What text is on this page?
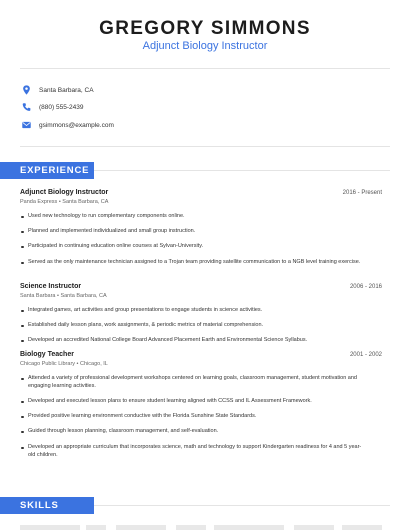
GREGORY SIMMONS
Adjunct Biology Instructor
Santa Barbara, CA
(880) 555-2439
gsimmons@example.com
EXPERIENCE
Adjunct Biology Instructor	2016 - Present
Panda Express • Santa Barbara, CA
Used new technology to run complementary components online.
Planned and implemented individualized and small group instruction.
Participated in continuing education online courses at Sylvan-University.
Served as the only maintenance technician assigned to a Trojan team providing satellite communication to a NGB level training exercise.
Science Instructor	2006 - 2016
Santa Barbara • Santa Barbara, CA
Integrated games, art activities and group presentations to engage students in science activities.
Established daily lesson plans, work assignments, & periodic metrics of material comprehension.
Developed an accredited National College Board Advanced Placement Earth and Environmental Science Syllabus.
Biology Teacher	2001 - 2002
Chicago Public Library • Chicago, IL
Attended a variety of professional development workshops centered on learning goals, classroom management, student motivation and engaging learning activities.
Developed and executed lesson plans to ensure student learning aligned with CCSS and IL Assessment Framework.
Provided positive learning environment conductive with the Florida Sunshine State Standards.
Guided through lesson planning, classroom management, and self-evaluation.
Developed an appropriate curriculum that incorporates science, math and technology to support Kindergarten readiness for 4 and 5 year-old children.
SKILLS
